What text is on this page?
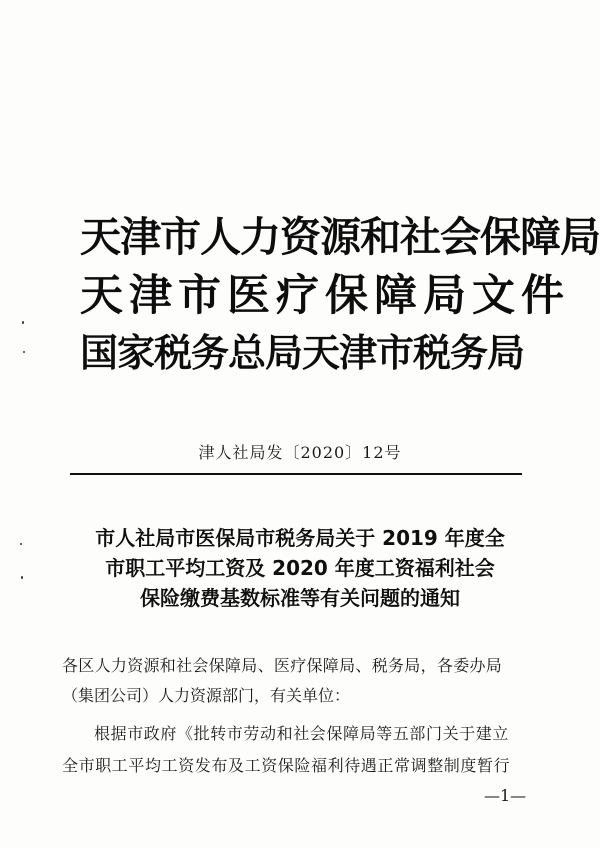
天津市人力资源和社会保障局
天津市医疗保障局文件
国家税务总局天津市税务局
津人社局发〔2020〕12号
市人社局市医保局市税务局关于 2019 年度全
市职工平均工资及 2020 年度工资福利社会
保险缴费基数标准等有关问题的通知
各区人力资源和社会保障局、医疗保障局、税务局，各委办局
（集团公司）人力资源部门，有关单位：
根据市政府《批转市劳动和社会保障局等五部门关于建立
全市职工平均工资发布及工资保险福利待遇正常调整制度暂行
—1—
